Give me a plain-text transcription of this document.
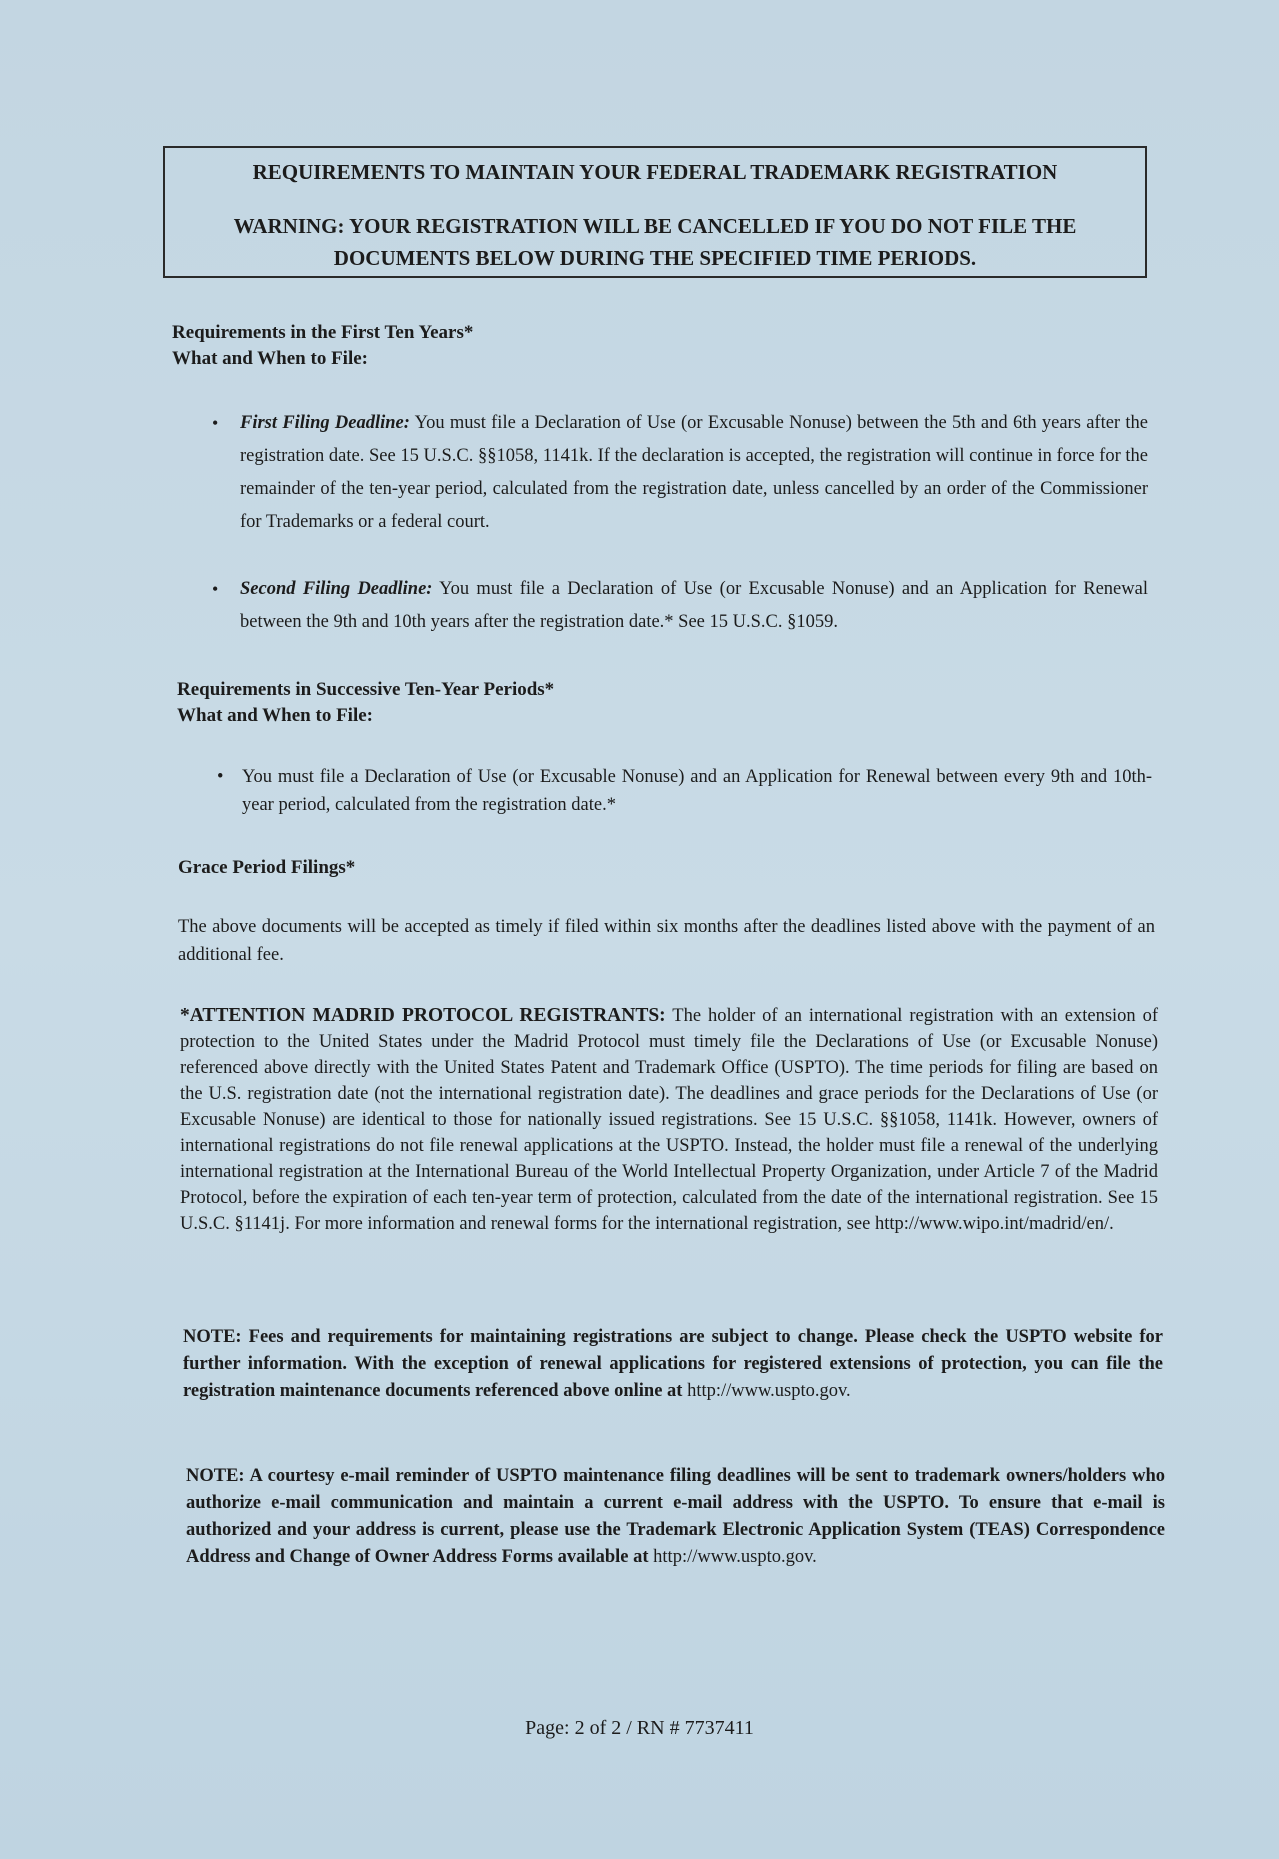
REQUIREMENTS TO MAINTAIN YOUR FEDERAL TRADEMARK REGISTRATION
WARNING: YOUR REGISTRATION WILL BE CANCELLED IF YOU DO NOT FILE THE DOCUMENTS BELOW DURING THE SPECIFIED TIME PERIODS.
Requirements in the First Ten Years*
What and When to File:
• First Filing Deadline: You must file a Declaration of Use (or Excusable Nonuse) between the 5th and 6th years after the registration date. See 15 U.S.C. §§1058, 1141k. If the declaration is accepted, the registration will continue in force for the remainder of the ten-year period, calculated from the registration date, unless cancelled by an order of the Commissioner for Trademarks or a federal court.
• Second Filing Deadline: You must file a Declaration of Use (or Excusable Nonuse) and an Application for Renewal between the 9th and 10th years after the registration date.* See 15 U.S.C. §1059.
Requirements in Successive Ten-Year Periods*
What and When to File:
• You must file a Declaration of Use (or Excusable Nonuse) and an Application for Renewal between every 9th and 10th-year period, calculated from the registration date.*
Grace Period Filings*
The above documents will be accepted as timely if filed within six months after the deadlines listed above with the payment of an additional fee.
*ATTENTION MADRID PROTOCOL REGISTRANTS: The holder of an international registration with an extension of protection to the United States under the Madrid Protocol must timely file the Declarations of Use (or Excusable Nonuse) referenced above directly with the United States Patent and Trademark Office (USPTO). The time periods for filing are based on the U.S. registration date (not the international registration date). The deadlines and grace periods for the Declarations of Use (or Excusable Nonuse) are identical to those for nationally issued registrations. See 15 U.S.C. §§1058, 1141k. However, owners of international registrations do not file renewal applications at the USPTO. Instead, the holder must file a renewal of the underlying international registration at the International Bureau of the World Intellectual Property Organization, under Article 7 of the Madrid Protocol, before the expiration of each ten-year term of protection, calculated from the date of the international registration. See 15 U.S.C. §1141j. For more information and renewal forms for the international registration, see http://www.wipo.int/madrid/en/.
NOTE: Fees and requirements for maintaining registrations are subject to change. Please check the USPTO website for further information. With the exception of renewal applications for registered extensions of protection, you can file the registration maintenance documents referenced above online at http://www.uspto.gov.
NOTE: A courtesy e-mail reminder of USPTO maintenance filing deadlines will be sent to trademark owners/holders who authorize e-mail communication and maintain a current e-mail address with the USPTO. To ensure that e-mail is authorized and your address is current, please use the Trademark Electronic Application System (TEAS) Correspondence Address and Change of Owner Address Forms available at http://www.uspto.gov.
Page: 2 of 2 / RN # 7737411
